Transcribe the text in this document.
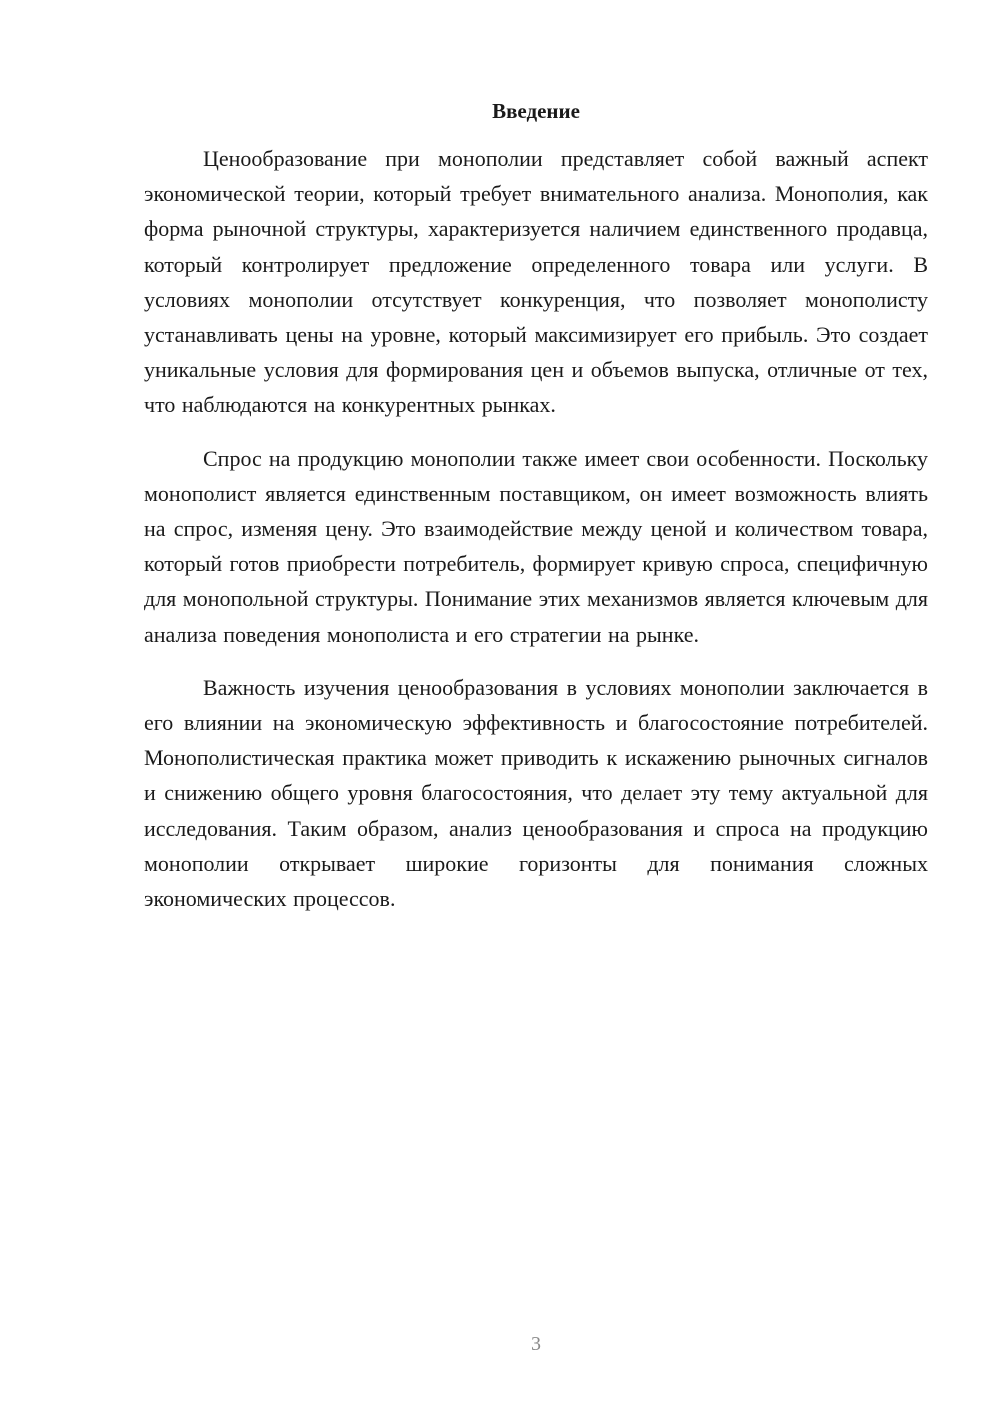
Введение

Ценообразование при монополии представляет собой важный аспект экономической теории, который требует внимательного анализа. Монополия, как форма рыночной структуры, характеризуется наличием единственного продавца, который контролирует предложение определенного товара или услуги. В условиях монополии отсутствует конкуренция, что позволяет монополисту устанавливать цены на уровне, который максимизирует его прибыль. Это создает уникальные условия для формирования цен и объемов выпуска, отличные от тех, что наблюдаются на конкурентных рынках.

Спрос на продукцию монополии также имеет свои особенности. Поскольку монополист является единственным поставщиком, он имеет возможность влиять на спрос, изменяя цену. Это взаимодействие между ценой и количеством товара, который готов приобрести потребитель, формирует кривую спроса, специфичную для монопольной структуры. Понимание этих механизмов является ключевым для анализа поведения монополиста и его стратегии на рынке.

Важность изучения ценообразования в условиях монополии заключается в его влиянии на экономическую эффективность и благосостояние потребителей. Монополистическая практика может приводить к искажению рыночных сигналов и снижению общего уровня благосостояния, что делает эту тему актуальной для исследования. Таким образом, анализ ценообразования и спроса на продукцию монополии открывает широкие горизонты для понимания сложных экономических процессов.

3
